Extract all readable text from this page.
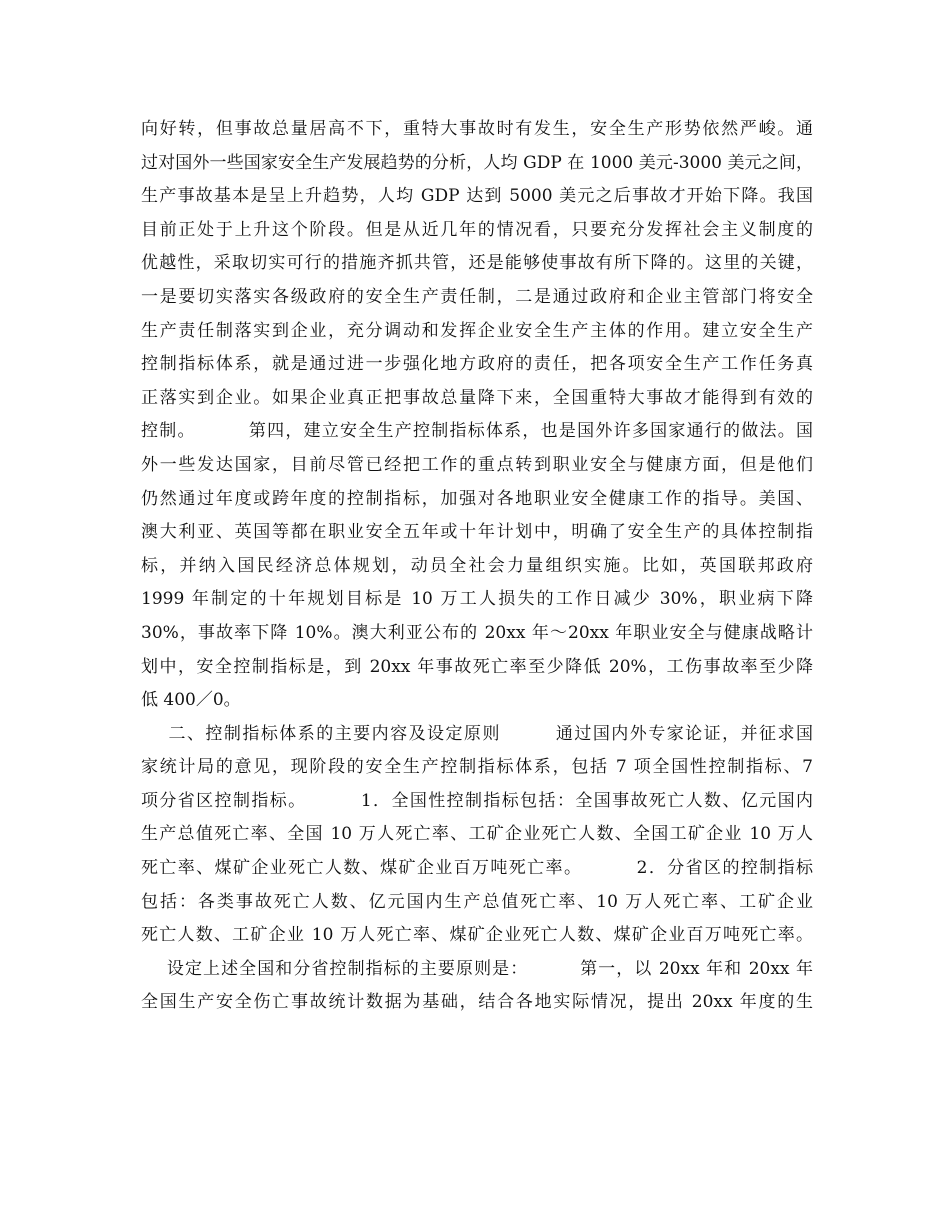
向好转，但事故总量居高不下，重特大事故时有发生，安全生产形势依然严峻。通
过对国外一些国家安全生产发展趋势的分析，人均 GDP 在 1000 美元-3000 美元之间，
生产事故基本是呈上升趋势，人均 GDP 达到 5000 美元之后事故才开始下降。我国
目前正处于上升这个阶段。但是从近几年的情况看，只要充分发挥社会主义制度的
优越性，采取切实可行的措施齐抓共管，还是能够使事故有所下降的。这里的关键，
一是要切实落实各级政府的安全生产责任制，二是通过政府和企业主管部门将安全
生产责任制落实到企业，充分调动和发挥企业安全生产主体的作用。建立安全生产
控制指标体系，就是通过进一步强化地方政府的责任，把各项安全生产工作任务真
正落实到企业。如果企业真正把事故总量降下来，全国重特大事故才能得到有效的
控制。        第四，建立安全生产控制指标体系，也是国外许多国家通行的做法。国
外一些发达国家，目前尽管已经把工作的重点转到职业安全与健康方面，但是他们
仍然通过年度或跨年度的控制指标，加强对各地职业安全健康工作的指导。美国、
澳大利亚、英国等都在职业安全五年或十年计划中，明确了安全生产的具体控制指
标，并纳入国民经济总体规划，动员全社会力量组织实施。比如，英国联邦政府
1999 年制定的十年规划目标是 10 万工人损失的工作日减少 30%，职业病下降
30%，事故率下降 10%。澳大利亚公布的 20xx 年～20xx 年职业安全与健康战略计
划中，安全控制指标是，到 20xx 年事故死亡率至少降低 20%，工伤事故率至少降
低 400／0。
二、控制指标体系的主要内容及设定原则        通过国内外专家论证，并征求国
家统计局的意见，现阶段的安全生产控制指标体系，包括 7 项全国性控制指标、7
项分省区控制指标。        1．全国性控制指标包括：全国事故死亡人数、亿元国内
生产总值死亡率、全国 10 万人死亡率、工矿企业死亡人数、全国工矿企业 10 万人
死亡率、煤矿企业死亡人数、煤矿企业百万吨死亡率。        2．分省区的控制指标
包括：各类事故死亡人数、亿元国内生产总值死亡率、10 万人死亡率、工矿企业
死亡人数、工矿企业 10 万人死亡率、煤矿企业死亡人数、煤矿企业百万吨死亡率。
设定上述全国和分省控制指标的主要原则是：        第一，以 20xx 年和 20xx 年
全国生产安全伤亡事故统计数据为基础，结合各地实际情况，提出 20xx 年度的生
